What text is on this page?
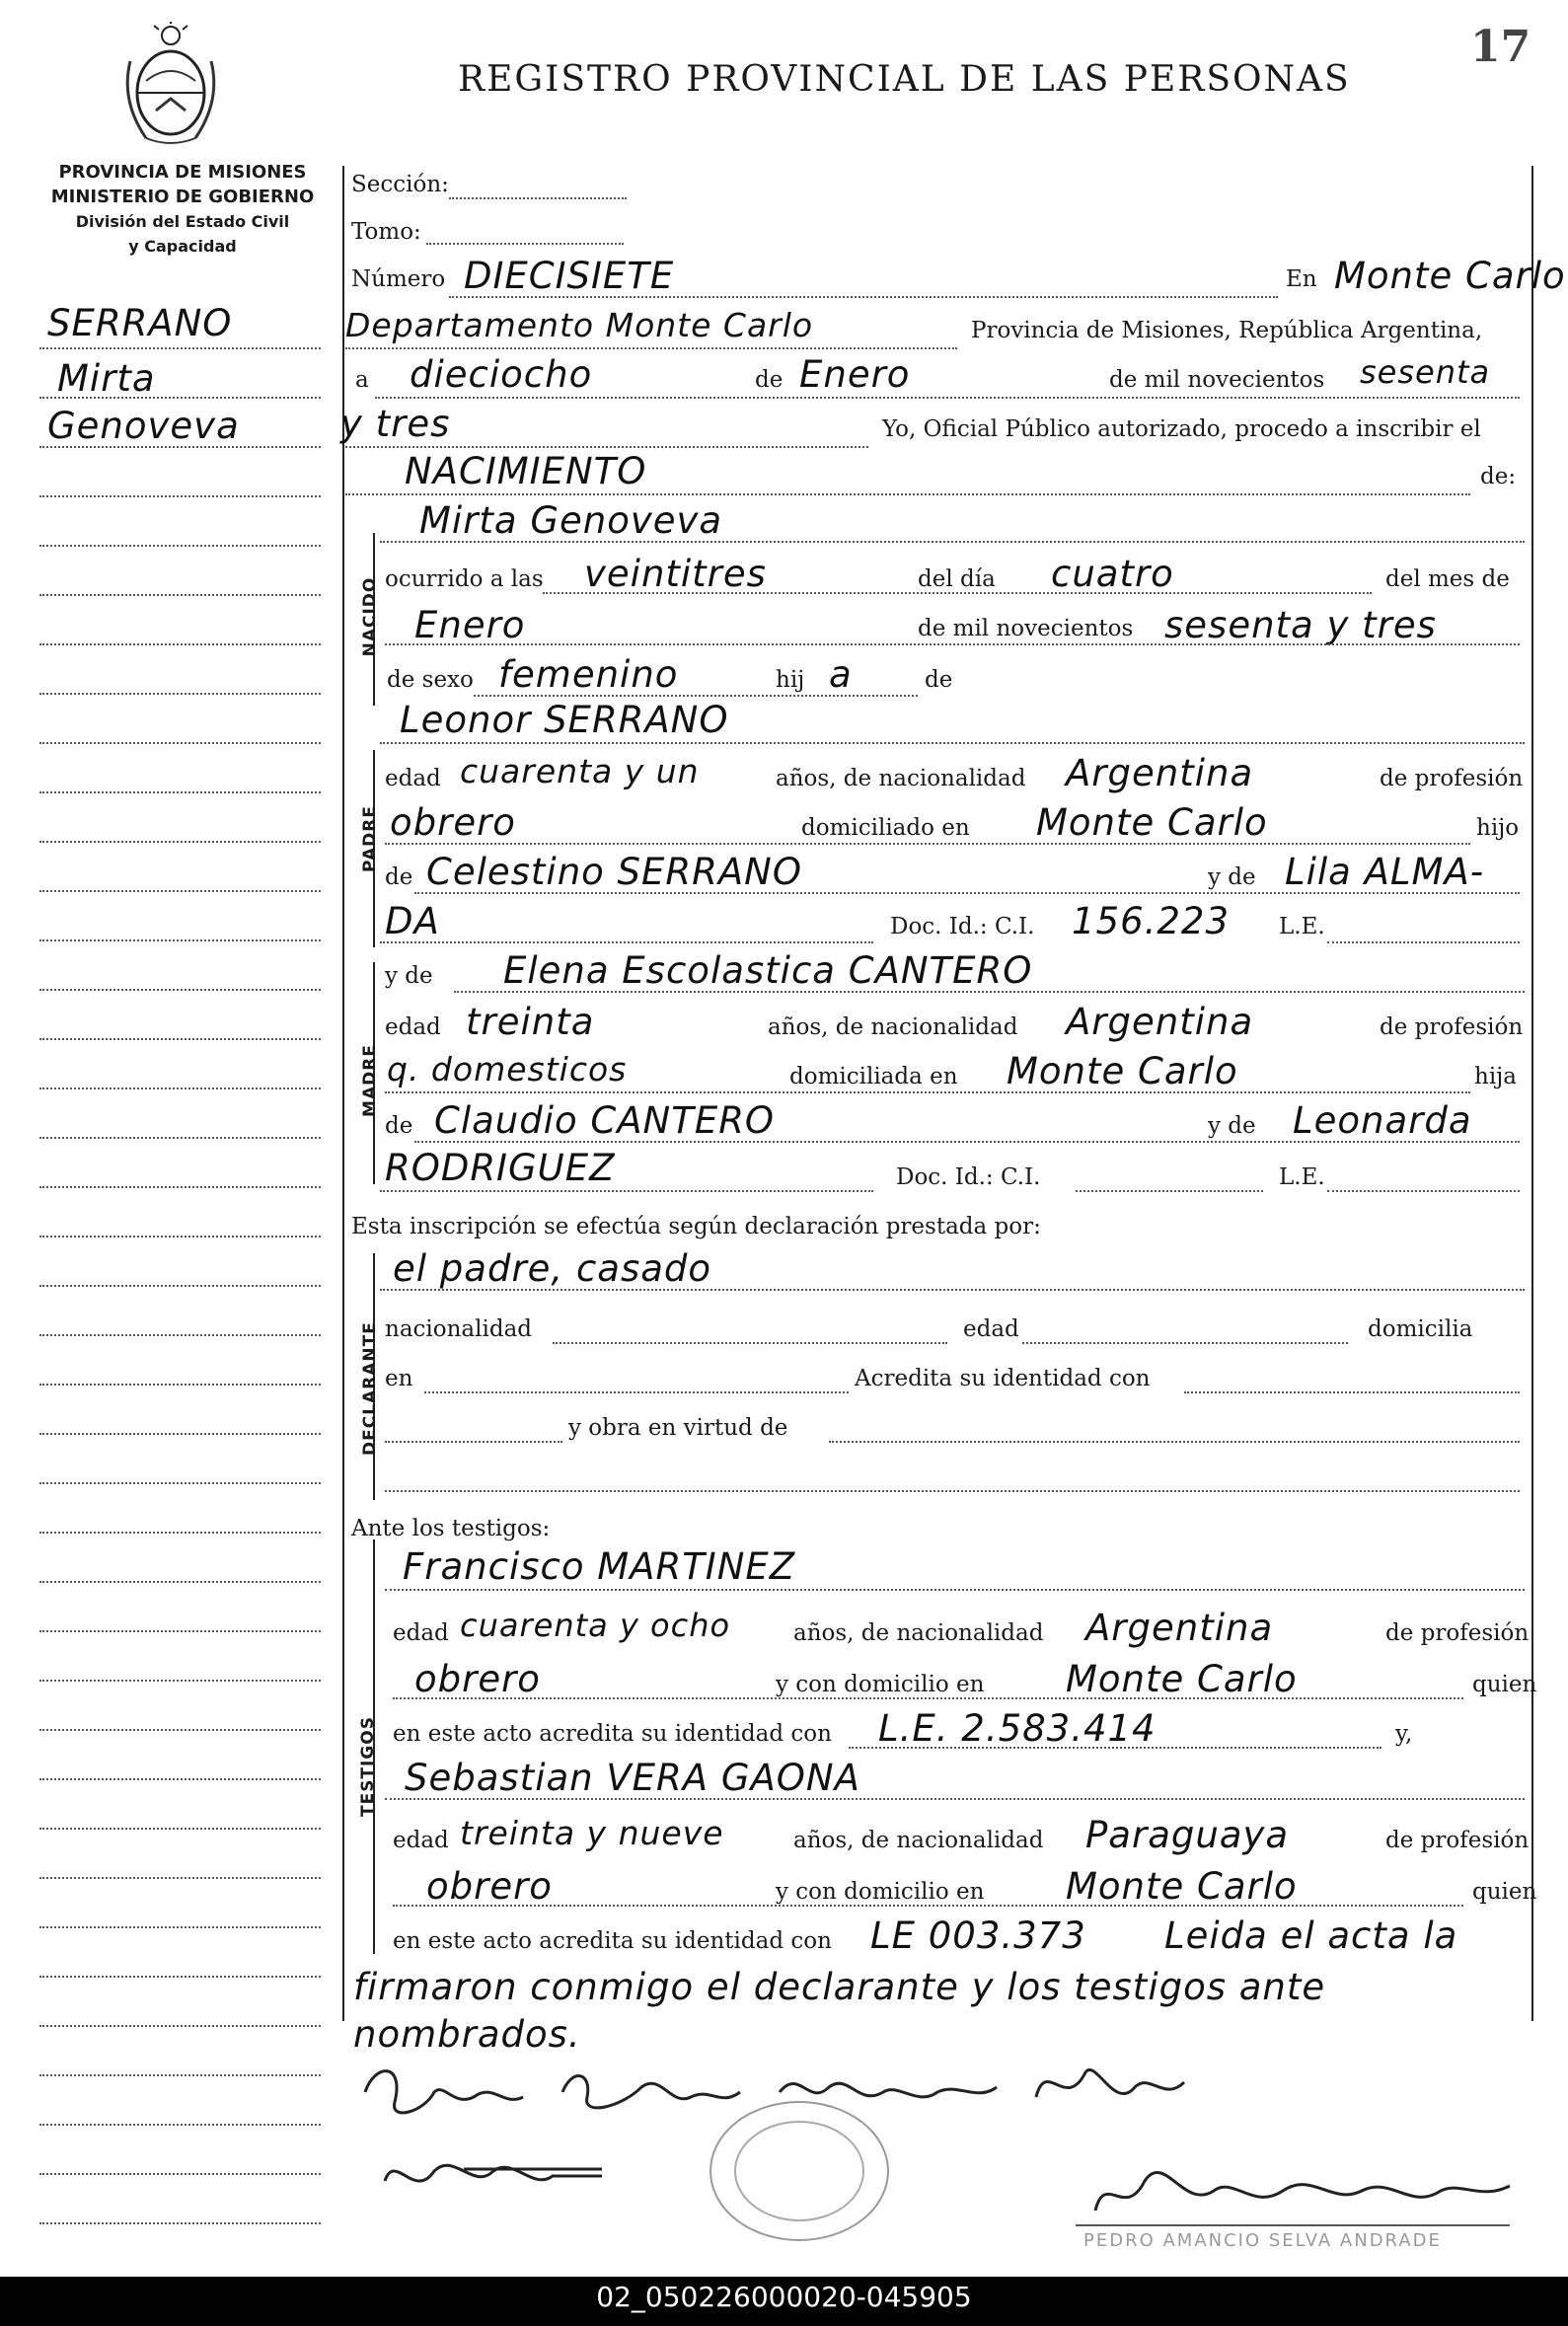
REGISTRO PROVINCIAL DE LAS PERSONAS
17
PROVINCIA DE MISIONES
MINISTERIO DE GOBIERNO
División del Estado Civil
y Capacidad
SERRANO
Mirta
Genoveva
NACIDO
PADRE
MADRE
DECLARANTE
TESTIGOS
Sección:
Tomo:
Número DIECISIETE	En Monte Carlo
Departamento Monte Carlo	Provincia de Misiones, República Argentina,
a dieciocho	de Enero	de mil novecientos sesenta
y tres	Yo, Oficial Público autorizado, procedo a inscribir el
NACIMIENTO	de:
Mirta Genoveva
ocurrido a las veintitres	del día cuatro	del mes de
Enero	de mil novecientos sesenta y tres
de sexo femenino	hij a	de
Leonor SERRANO
edad cuarenta y un	años, de nacionalidad Argentina	de profesión
obrero	domiciliado en Monte Carlo	hijo
de Celestino SERRANO	y de Lila ALMA-
DA	Doc. Id.: C.I. 156.223 L.E.
y de Elena Escolastica CANTERO
edad treinta	años, de nacionalidad Argentina	de profesión
q. domesticos	domiciliada en Monte Carlo	hija
de Claudio CANTERO	y de Leonarda
RODRIGUEZ	Doc. Id.: C.I.	L.E.
Esta inscripción se efectúa según declaración prestada por:
el padre, casado
nacionalidad	edad	domicilia
en	Acredita su identidad con
y obra en virtud de
Ante los testigos:
Francisco MARTINEZ
edad cuarenta y ocho	años, de nacionalidad Argentina	de profesión
obrero	y con domicilio en Monte Carlo	quien
en este acto acredita su identidad con L.E. 2.583.414	y,
Sebastian VERA GAONA
edad treinta y nueve	años, de nacionalidad Paraguaya	de profesión
obrero	y con domicilio en Monte Carlo	quien
en este acto acredita su identidad con LE 003.373 Leida el acta la
firmaron conmigo el declarante y los testigos ante
nombrados.
PEDRO AMANCIO SELVA ANDRADE
02_050226000020-045905
